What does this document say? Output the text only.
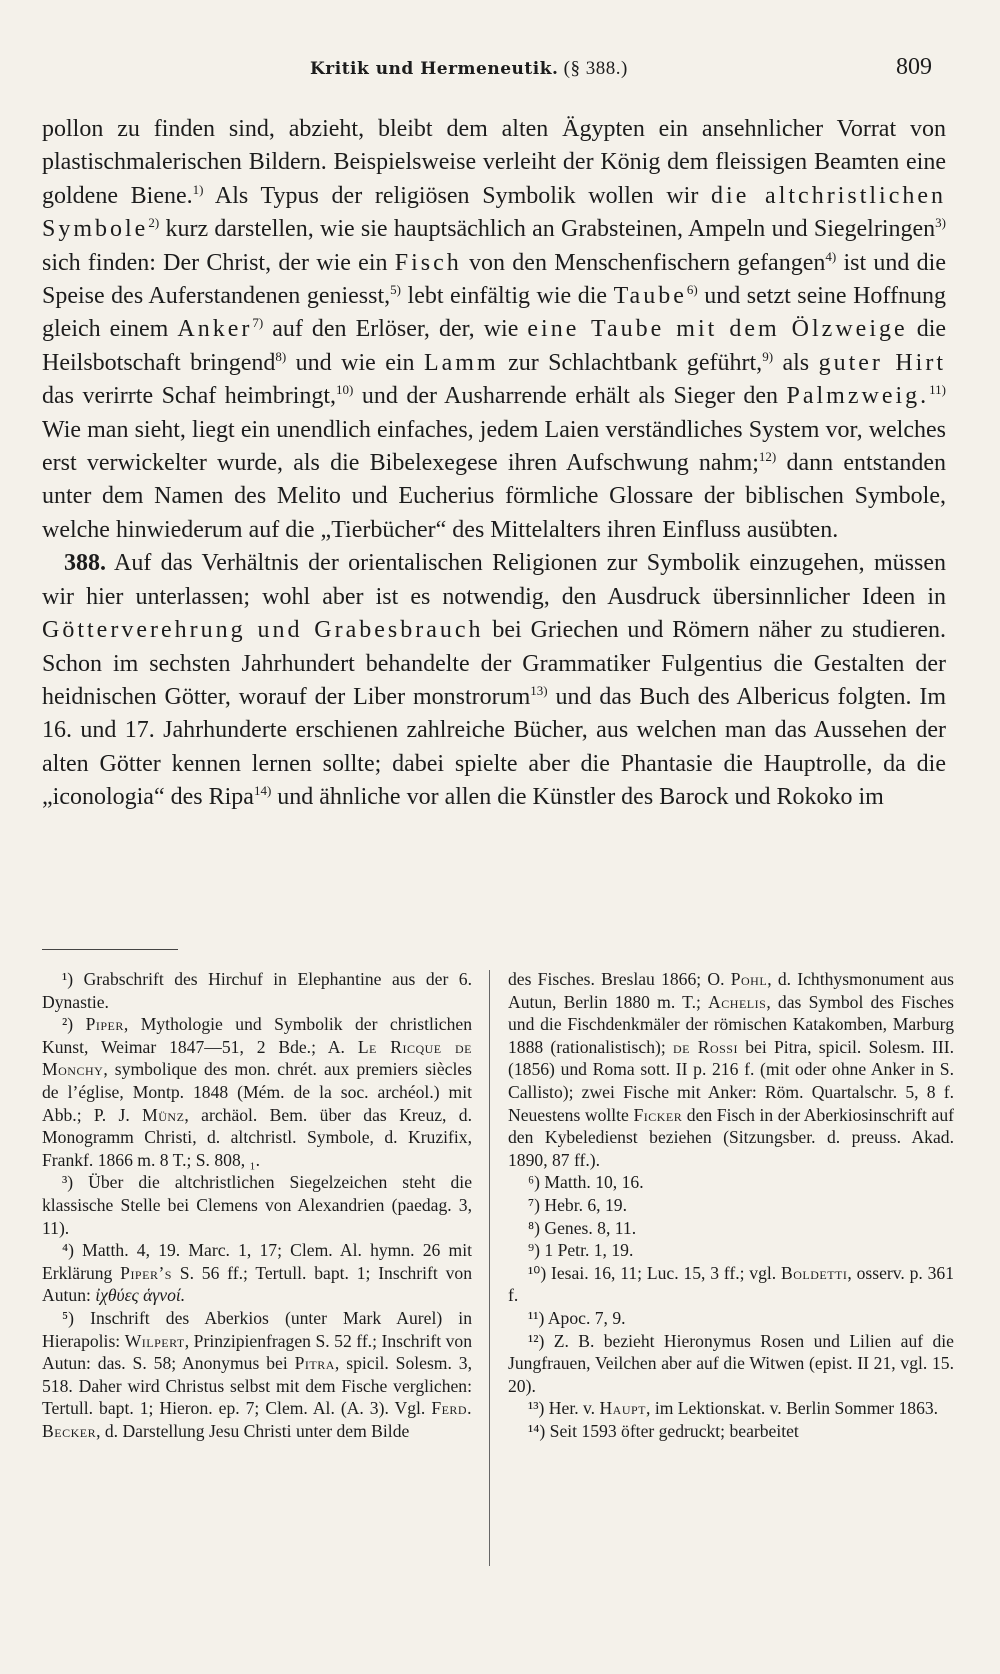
Kritik und Hermeneutik. (§ 388.)	809

pollon zu finden sind, abzieht, bleibt dem alten Ägypten ein ansehnlicher Vorrat von plastischmalerischen Bildern. Beispielsweise verleiht der König dem fleissigen Beamten eine goldene Biene.$^{1)}$ Als Typus der religiösen Symbolik wollen wir die altchristlichen Symbole$^{2)}$ kurz darstellen, wie sie hauptsächlich an Grabsteinen, Ampeln und Siegelringen$^{3)}$ sich finden: Der Christ, der wie ein Fisch von den Menschenfischern gefangen$^{4)}$ ist und die Speise des Auferstandenen geniesst,$^{5)}$ lebt einfältig wie die Taube$^{6)}$ und setzt seine Hoffnung gleich einem Anker$^{7)}$ auf den Erlöser, der, wie eine Taube mit dem Ölzweige die Heilsbotschaft bringend$^{8)}$ und wie ein Lamm zur Schlachtbank geführt,$^{9)}$ als guter Hirt das verirrte Schaf heimbringt,$^{10)}$ und der Ausharrende erhält als Sieger den Palmzweig.$^{11)}$ Wie man sieht, liegt ein unendlich einfaches, jedem Laien verständliches System vor, welches erst verwickelter wurde, als die Bibelexegese ihren Aufschwung nahm;$^{12)}$ dann entstanden unter dem Namen des Melito und Eucherius förmliche Glossare der biblischen Symbole, welche hinwiederum auf die „Tierbücher“ des Mittelalters ihren Einfluss ausübten.

388. Auf das Verhältnis der orientalischen Religionen zur Symbolik einzugehen, müssen wir hier unterlassen; wohl aber ist es notwendig, den Ausdruck übersinnlicher Ideen in Götterverehrung und Grabesbrauch bei Griechen und Römern näher zu studieren. Schon im sechsten Jahrhundert behandelte der Grammatiker Fulgentius die Gestalten der heidnischen Götter, worauf der Liber monstrorum$^{13)}$ und das Buch des Albericus folgten. Im 16. und 17. Jahrhunderte erschienen zahlreiche Bücher, aus welchen man das Aussehen der alten Götter kennen lernen sollte; dabei spielte aber die Phantasie die Hauptrolle, da die „iconologia“ des Ripa$^{14)}$ und ähnliche vor allen die Künstler des Barock und Rokoko im

¹) Grabschrift des Hirchuf in Elephantine aus der 6. Dynastie.

²) Piper, Mythologie und Symbolik der christlichen Kunst, Weimar 1847—51, 2 Bde.; A. Le Ricque de Monchy, symbolique des mon. chrét. aux premiers siècles de l’église, Montp. 1848 (Mém. de la soc. archéol.) mit Abb.; P. J. Münz, archäol. Bem. über das Kreuz, d. Monogramm Christi, d. altchristl. Symbole, d. Kruzifix, Frankf. 1866 m. 8 T.; S. 808, ₁.

³) Über die altchristlichen Siegelzeichen steht die klassische Stelle bei Clemens von Alexandrien (paedag. 3, 11).

⁴) Matth. 4, 19. Marc. 1, 17; Clem. Al. hymn. 26 mit Erklärung Piper’s S. 56 ff.; Tertull. bapt. 1; Inschrift von Autun: ἰχθύες ἁγνοί.

⁵) Inschrift des Aberkios (unter Mark Aurel) in Hierapolis: Wilpert, Prinzipienfragen S. 52 ff.; Inschrift von Autun: das. S. 58; Anonymus bei Pitra, spicil. Solesm. 3, 518. Daher wird Christus selbst mit dem Fische verglichen: Tertull. bapt. 1; Hieron. ep. 7; Clem. Al. (A. 3). Vgl. Ferd. Becker, d. Darstellung Jesu Christi unter dem Bilde

des Fisches. Breslau 1866; O. Pohl, d. Ichthysmonument aus Autun, Berlin 1880 m. T.; Achelis, das Symbol des Fisches und die Fischdenkmäler der römischen Katakomben, Marburg 1888 (rationalistisch); de Rossi bei Pitra, spicil. Solesm. III. (1856) und Roma sott. II p. 216 f. (mit oder ohne Anker in S. Callisto); zwei Fische mit Anker: Röm. Quartalschr. 5, 8 f. Neuestens wollte Ficker den Fisch in der Aberkiosinschrift auf den Kybeledienst beziehen (Sitzungsber. d. preuss. Akad. 1890, 87 ff.).

⁶) Matth. 10, 16.

⁷) Hebr. 6, 19.

⁸) Genes. 8, 11.

⁹) 1 Petr. 1, 19.

¹⁰) Iesai. 16, 11; Luc. 15, 3 ff.; vgl. Boldetti, osserv. p. 361 f.

¹¹) Apoc. 7, 9.

¹²) Z. B. bezieht Hieronymus Rosen und Lilien auf die Jungfrauen, Veilchen aber auf die Witwen (epist. II 21, vgl. 15. 20).

¹³) Her. v. Haupt, im Lektionskat. v. Berlin Sommer 1863.

¹⁴) Seit 1593 öfter gedruckt; bearbeitet
